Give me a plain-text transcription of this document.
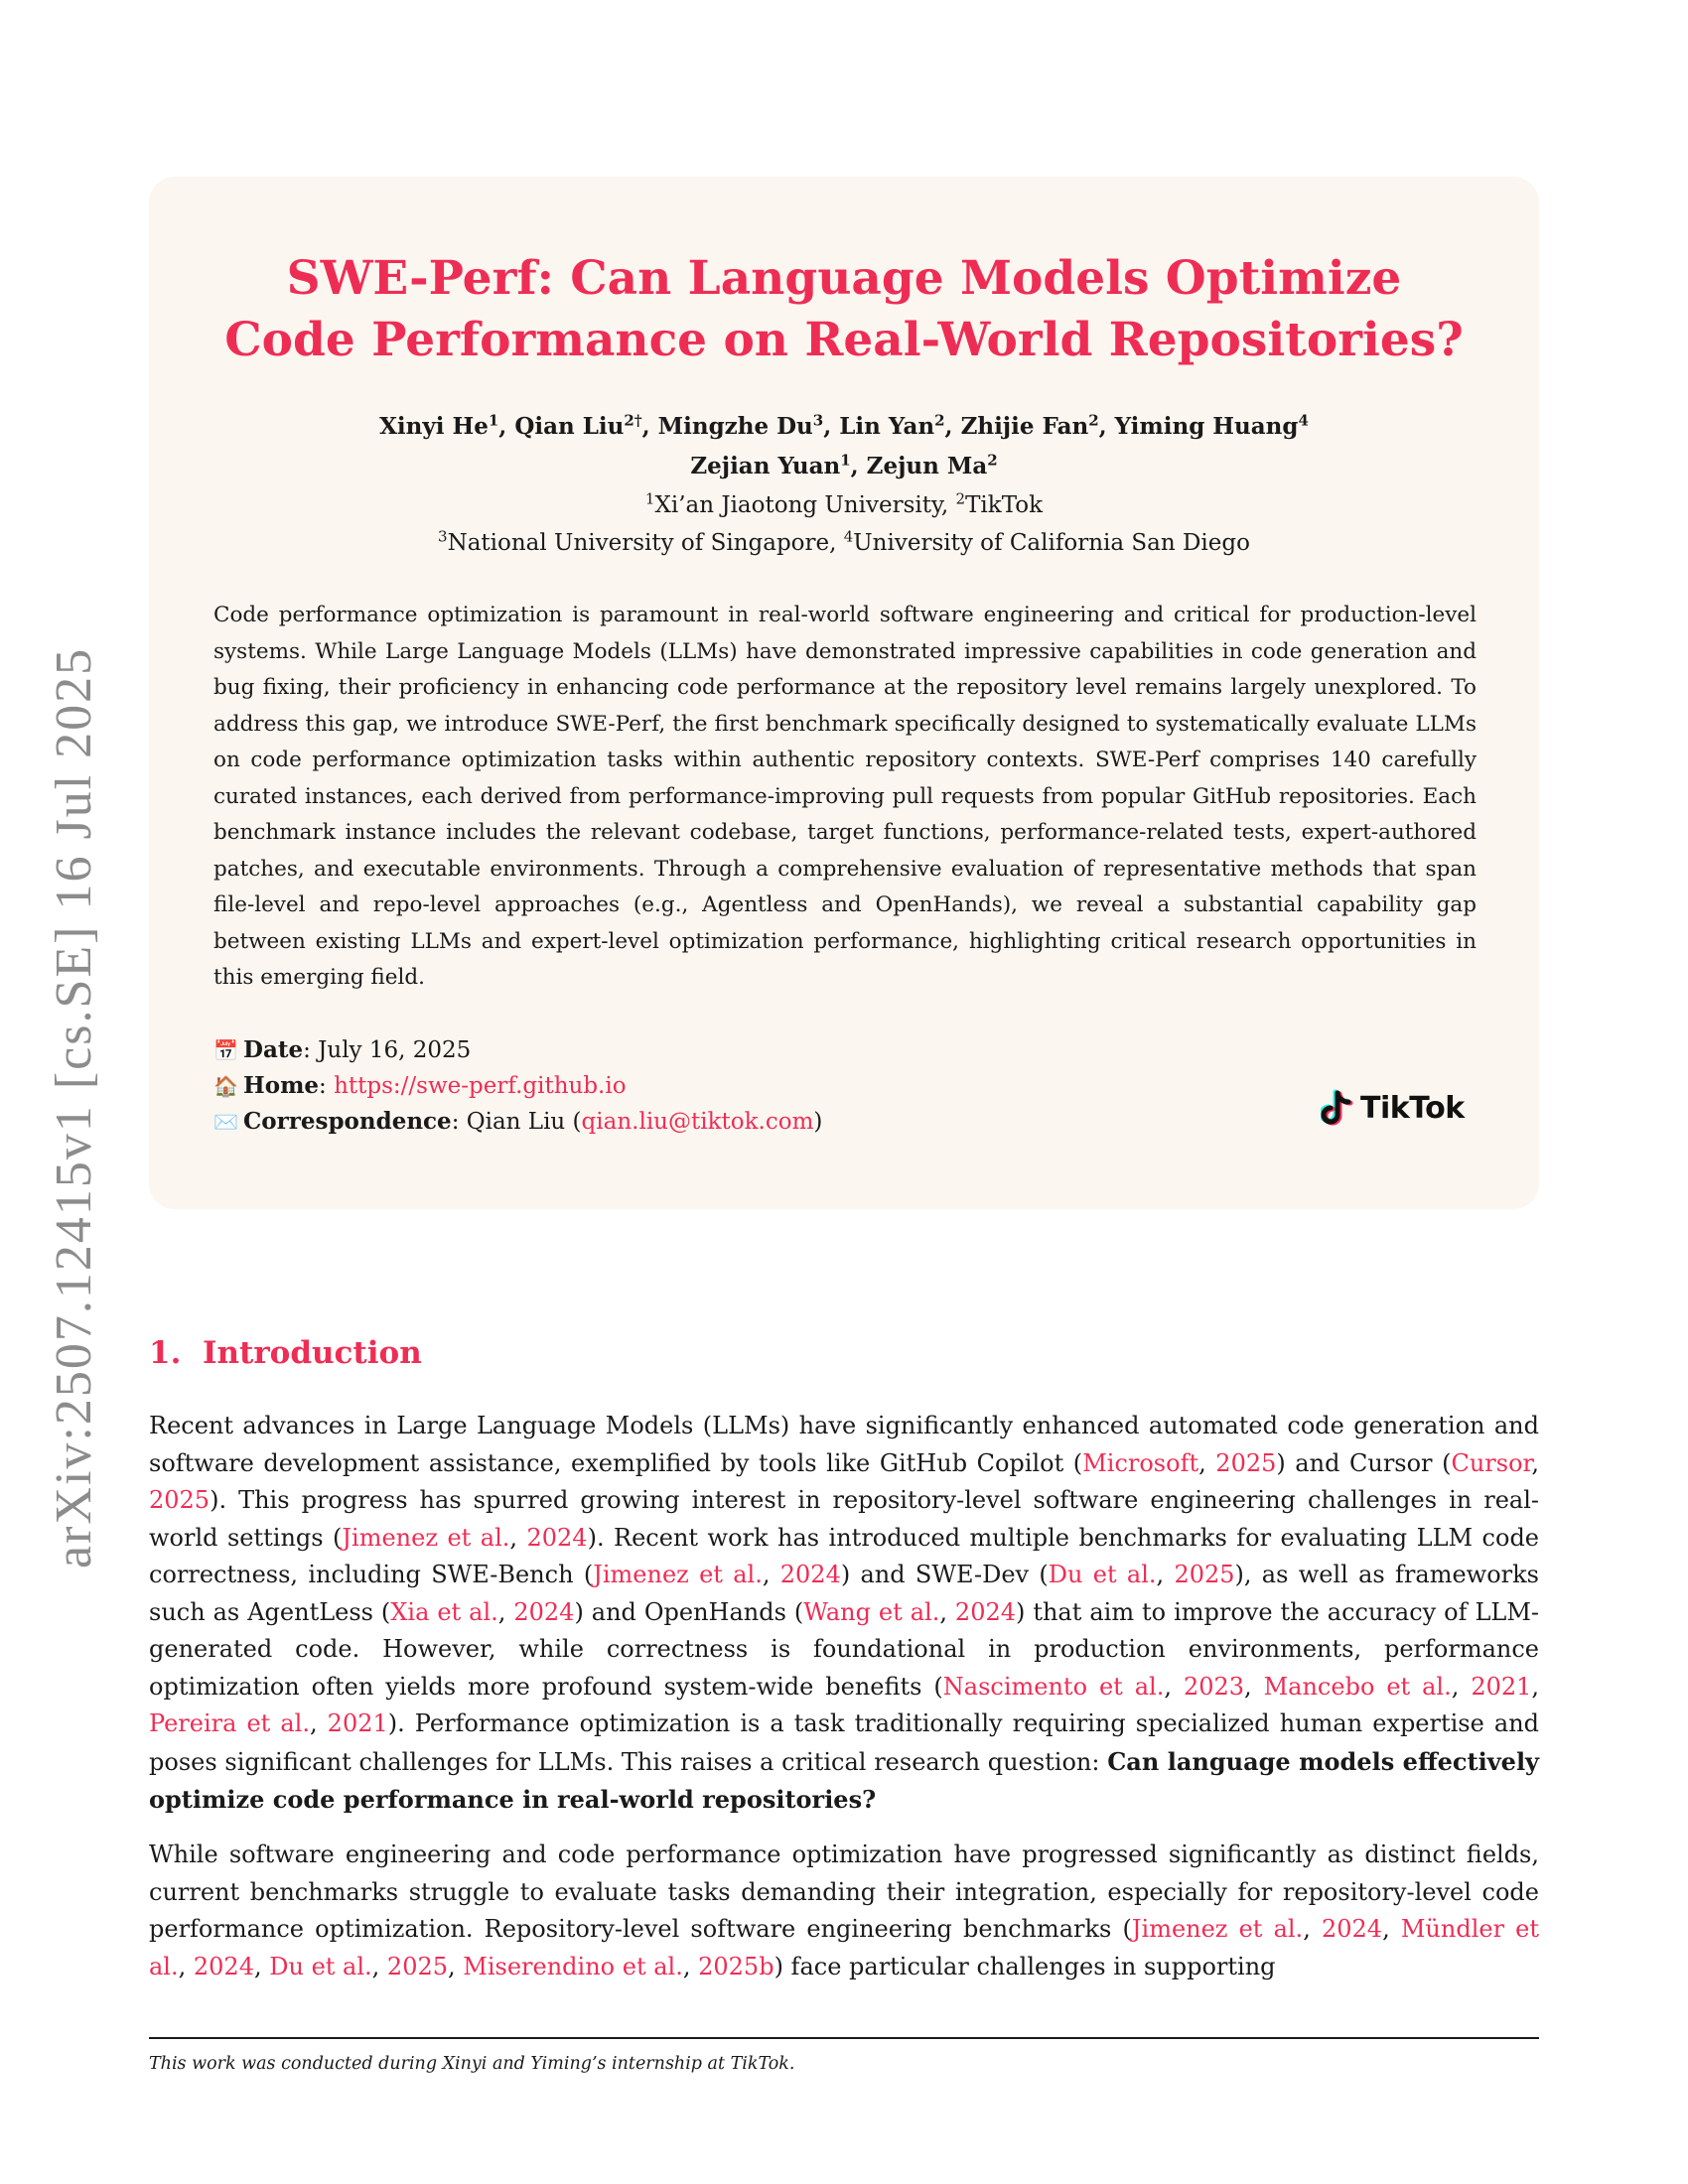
arXiv:2507.12415v1 [cs.SE] 16 Jul 2025
SWE-Perf: Can Language Models Optimize
Code Performance on Real-World Repositories?
Xinyi He$^1$, Qian Liu$^{2\dagger}$, Mingzhe Du$^3$, Lin Yan$^2$, Zhijie Fan$^2$, Yiming Huang$^4$
Zejian Yuan$^1$, Zejun Ma$^2$
$^1$Xi’an Jiaotong University, $^2$TikTok
$^3$National University of Singapore, $^4$University of California San Diego

Code performance optimization is paramount in real-world software engineering and critical for production-level systems. While Large Language Models (LLMs) have demonstrated impressive capabilities in code generation and bug fixing, their proficiency in enhancing code performance at the repository level remains largely unexplored. To address this gap, we introduce SWE-Perf, the first benchmark specifically designed to systematically evaluate LLMs on code performance optimization tasks within authentic repository contexts. SWE-Perf comprises 140 carefully curated instances, each derived from performance-improving pull requests from popular GitHub repositories. Each benchmark instance includes the relevant codebase, target functions, performance-related tests, expert-authored patches, and executable environments. Through a comprehensive evaluation of representative methods that span file-level and repo-level approaches (e.g., Agentless and OpenHands), we reveal a substantial capability gap between existing LLMs and expert-level optimization performance, highlighting critical research opportunities in this emerging field.

📅 Date: July 16, 2025
🏠 Home: https://swe-perf.github.io
✉️ Correspondence: Qian Liu (qian.liu@tiktok.com)	TikTok
1. Introduction

Recent advances in Large Language Models (LLMs) have significantly enhanced automated code generation and software development assistance, exemplified by tools like GitHub Copilot (Microsoft, 2025) and Cursor (Cursor, 2025). This progress has spurred growing interest in repository-level software engineering challenges in real-world settings (Jimenez et al., 2024). Recent work has introduced multiple benchmarks for evaluating LLM code correctness, including SWE-Bench (Jimenez et al., 2024) and SWE-Dev (Du et al., 2025), as well as frameworks such as AgentLess (Xia et al., 2024) and OpenHands (Wang et al., 2024) that aim to improve the accuracy of LLM-generated code. However, while correctness is foundational in production environments, performance optimization often yields more profound system-wide benefits (Nascimento et al., 2023, Mancebo et al., 2021, Pereira et al., 2021). Performance optimization is a task traditionally requiring specialized human expertise and poses significant challenges for LLMs. This raises a critical research question: Can language models effectively optimize code performance in real-world repositories?

While software engineering and code performance optimization have progressed significantly as distinct fields, current benchmarks struggle to evaluate tasks demanding their integration, especially for repository-level code performance optimization. Repository-level software engineering benchmarks (Jimenez et al., 2024, Mündler et al., 2024, Du et al., 2025, Miserendino et al., 2025b) face particular challenges in supporting

This work was conducted during Xinyi and Yiming’s internship at TikTok.
